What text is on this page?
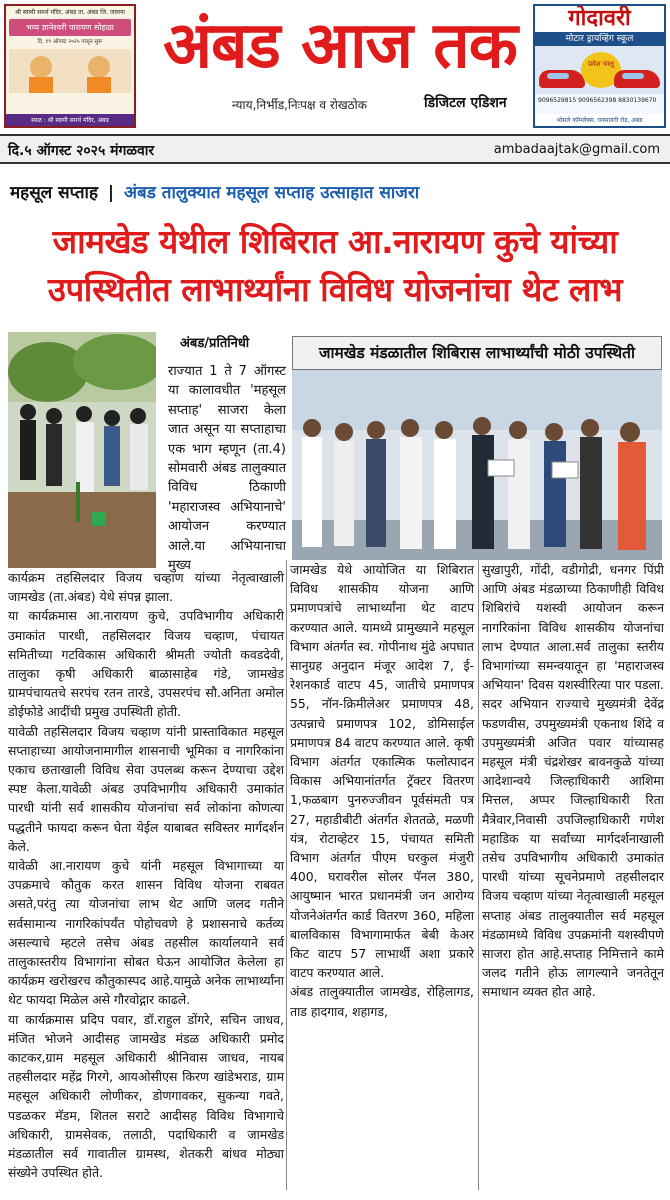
श्री स्वामी समर्थ मंदिर, अंबड ता. अंबड जि. जालना
भव्य ज्ञानेश्वरी पारायण सोहळा
दि. १९ ऑगस्ट २०२५ पासून सुरू
स्थळ : श्री स्वामी समर्थ मंदिर, अंबड
अंबड आज तक
न्याय,निर्भीड,निःपक्ष व रोखठोक	डिजिटल एडिशन
गोदावरी
मोटार ड्रायव्हिंग स्कूल
प्रवेश चालू
9096529815 9096562398 8830139670
भोसले कॉम्प्लेक्स, घनसावंगी रोड, अंबड
दि.५ ऑगस्ट २०२५ मंगळवार	ambadaajtak@gmail.com
महसूल सप्ताह | अंबड तालुक्यात महसूल सप्ताह उत्साहात साजरा
जामखेड येथील शिबिरात आ.नारायण कुचे यांच्या
उपस्थितीत लाभार्थ्यांना विविध योजनांचा थेट लाभ
अंबड/प्रतिनिधी
राज्यात 1 ते 7 ऑगस्ट या कालावधीत 'महसूल सप्ताह' साजरा केला जात असून या सप्ताहाचा एक भाग म्हणून (ता.4) सोमवारी अंबड तालुक्यात विविध ठिकाणी 'महाराजस्व अभियानाचे' आयोजन करण्यात आले.या अभियानाचा मुख्य
जामखेड मंडळातील शिबिरास लाभार्थ्यांची मोठी उपस्थिती

कार्यक्रम तहसिलदार विजय चव्हाण यांच्या नेतृत्वाखाली जामखेड (ता.अंबड) येथे संपन्न झाला.

या कार्यक्रमास आ.नारायण कुचे, उपविभागीय अधिकारी उमाकांत पारधी, तहसिलदार विजय चव्हाण, पंचायत समितीच्या गटविकास अधिकारी श्रीमती ज्योती कवडदेवी, तालुका कृषी अधिकारी बाळासाहेब गंडे, जामखेड ग्रामपंचायतचे सरपंच रतन तारडे, उपसरपंच सौ.अनिता अमोल डोईफोडे आदींची प्रमुख उपस्थिती होती.

यावेळी तहसिलदार विजय चव्हाण यांनी प्रास्ताविकात महसूल सप्ताहाच्या आयोजनामागील शासनाची भूमिका व नागरिकांना एकाच छताखाली विविध सेवा उपलब्ध करून देण्याचा उद्देश स्पष्ट केला.यावेळी अंबड उपविभागीय अधिकारी उमाकांत पारधी यांनी सर्व शासकीय योजनांचा सर्व लोकांना कोणत्या पद्धतीने फायदा करून घेता येईल याबाबत सविस्तर मार्गदर्शन केले.

यावेळी आ.नारायण कुचे यांनी महसूल विभागाच्या या उपक्रमाचे कौतुक करत शासन विविध योजना राबवत असते,परंतु त्या योजनांचा लाभ थेट आणि जलद गतीने सर्वसामान्य नागरिकांपर्यंत पोहोचवणे हे प्रशासनाचे कर्तव्य असल्याचे म्हटले तसेच अंबड तहसील कार्यालयाने सर्व तालुकास्तरीय विभागांना सोबत घेऊन आयोजित केलेला हा कार्यक्रम खरोखरच कौतुकास्पद आहे.यामुळे अनेक लाभार्थ्यांना थेट फायदा मिळेल असे गौरवोद्गार काढले.

या कार्यक्रमास प्रदिप पवार, डॉ.राहुल डोंगरे, सचिन जाधव, मंजित भोजने आदीसह जामखेड मंडळ अधिकारी प्रमोद काटकर,ग्राम महसूल अधिकारी श्रीनिवास जाधव, नायब तहसीलदार महेंद्र गिरगे, आयओसीएस किरण खांडेभराड, ग्राम महसूल अधिकारी लोणीकर, डोणगावकर, सुकन्या गवते, पडळकर मॅडम, शितल सराटे आदीसह विविध विभागाचे अधिकारी, ग्रामसेवक, तलाठी, पदाधिकारी व जामखेड मंडळातील सर्व गावातील ग्रामस्थ, शेतकरी बांधव मोठ्या संख्येने उपस्थित होते.

जामखेड येथे आयोजित या शिबिरात विविध शासकीय योजना आणि प्रमाणपत्रांचे लाभार्थ्यांना थेट वाटप करण्यात आले. यामध्ये प्रामुख्याने महसूल विभाग अंतर्गत स्व. गोपीनाथ मुंढे अपघात सानुग्रह अनुदान मंजूर आदेश 7, ई-रेशनकार्ड वाटप 45, जातीचे प्रमाणपत्र 55, नॉन-क्रिमीलेअर प्रमाणपत्र 48, उत्पन्नाचे प्रमाणपत्र 102, डोमिसाईल प्रमाणपत्र 84 वाटप करण्यात आले. कृषी विभाग अंतर्गत एकात्मिक फलोत्पादन विकास अभियानांतर्गत ट्रॅक्टर वितरण 1,फळबाग पुनरुज्जीवन पूर्वसंमती पत्र 27, महाडीबीटी अंतर्गत शेततळे, मळणी यंत्र, रोटाव्हेटर 15, पंचायत समिती विभाग अंतर्गत पीएम घरकुल मंजुरी 400, घरावरील सोलर पॅनल 380, आयुष्मान भारत प्रधानमंत्री जन आरोग्य योजनेअंतर्गत कार्ड वितरण 360, महिला बालविकास विभागामार्फत बेबी केअर किट वाटप 57 लाभार्थी अशा प्रकारे वाटप करण्यात आले.

अंबड तालुक्यातील जामखेड, रोहिलागड, ताड हादगाव, शहागड,

सुखापुरी, गोंदी, वडीगोद्री, धनगर पिंप्री आणि अंबड मंडळाच्या ठिकाणीही विविध शिबिरांचे यशस्वी आयोजन करून नागरिकांना विविध शासकीय योजनांचा लाभ देण्यात आला.सर्व तालुका स्तरीय विभागांच्या समन्वयातून हा 'महाराजस्व अभियान' दिवस यशस्वीरित्या पार पडला. सदर अभियान राज्याचे मुख्यमंत्री देवेंद्र फडणवीस, उपमुख्यमंत्री एकनाथ शिंदे व उपमुख्यमंत्री अजित पवार यांच्यासह महसूल मंत्री चंद्रशेखर बावनकुळे यांच्या आदेशान्वये जिल्हाधिकारी आशिमा मित्तल, अप्पर जिल्हाधिकारी रिता मैत्रेवार,निवासी उपजिल्हाधिकारी गणेश महाडिक या सर्वांच्या मार्गदर्शनाखाली तसेच उपविभागीय अधिकारी उमाकांत पारधी यांच्या सूचनेप्रमाणे तहसीलदार विजय चव्हाण यांच्या नेतृत्वाखाली महसूल सप्ताह अंबड तालुक्यातील सर्व महसूल मंडळामध्ये विविध उपक्रमांनी यशस्वीपणे साजरा होत आहे.सप्ताह निमित्ताने कामे जलद गतीने होऊ लागल्याने जनतेतून समाधान व्यक्त होत आहे.
